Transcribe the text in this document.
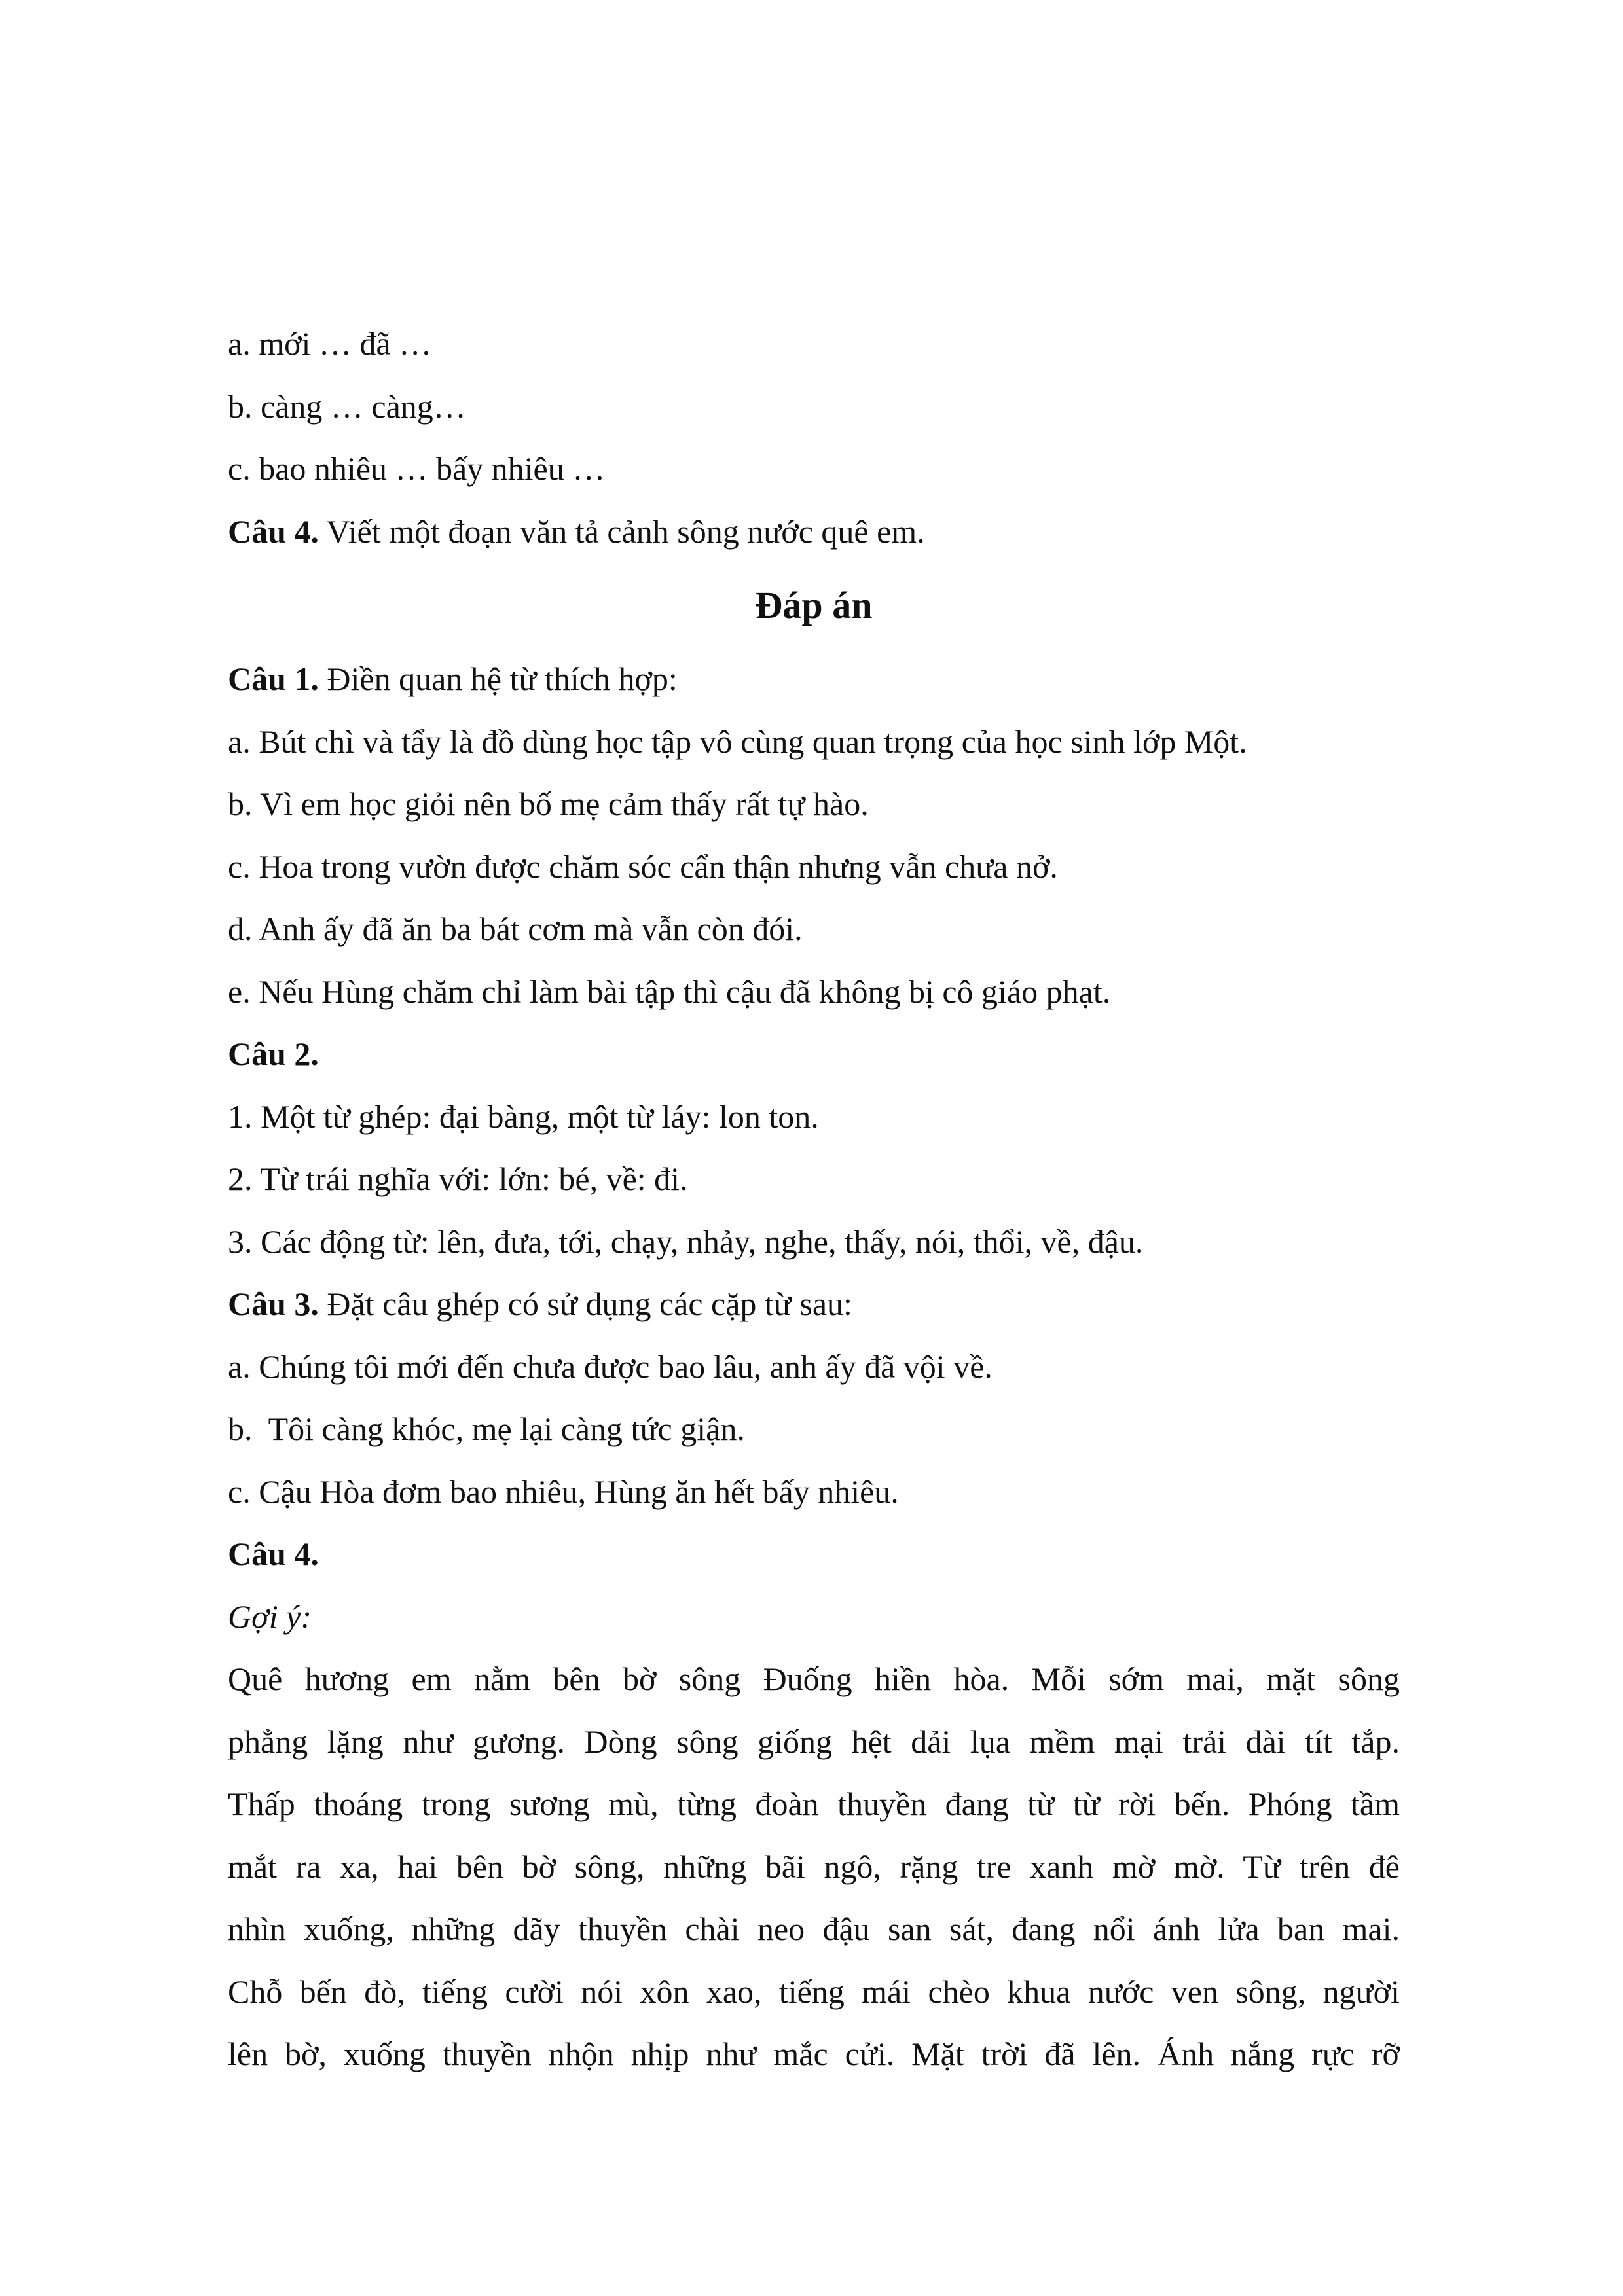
a. mới … đã …

b. càng … càng…

c. bao nhiêu … bấy nhiêu …

Câu 4. Viết một đoạn văn tả cảnh sông nước quê em.

Đáp án

Câu 1. Điền quan hệ từ thích hợp:

a. Bút chì và tẩy là đồ dùng học tập vô cùng quan trọng của học sinh lớp Một.

b. Vì em học giỏi nên bố mẹ cảm thấy rất tự hào.

c. Hoa trong vườn được chăm sóc cẩn thận nhưng vẫn chưa nở.

d. Anh ấy đã ăn ba bát cơm mà vẫn còn đói.

e. Nếu Hùng chăm chỉ làm bài tập thì cậu đã không bị cô giáo phạt.

Câu 2.

1. Một từ ghép: đại bàng, một từ láy: lon ton.

2. Từ trái nghĩa với: lớn: bé, về: đi.

3. Các động từ: lên, đưa, tới, chạy, nhảy, nghe, thấy, nói, thổi, về, đậu.

Câu 3. Đặt câu ghép có sử dụng các cặp từ sau:

a. Chúng tôi mới đến chưa được bao lâu, anh ấy đã vội về.

b.  Tôi càng khóc, mẹ lại càng tức giận.

c. Cậu Hòa đơm bao nhiêu, Hùng ăn hết bấy nhiêu.

Câu 4.

Gợi ý:

Quê hương em nằm bên bờ sông Đuống hiền hòa. Mỗi sớm mai, mặt sông
phẳng lặng như gương. Dòng sông giống hệt dải lụa mềm mại trải dài tít tắp.
Thấp thoáng trong sương mù, từng đoàn thuyền đang từ từ rời bến. Phóng tầm
mắt ra xa, hai bên bờ sông, những bãi ngô, rặng tre xanh mờ mờ. Từ trên đê
nhìn xuống, những dãy thuyền chài neo đậu san sát, đang nổi ánh lửa ban mai.
Chỗ bến đò, tiếng cười nói xôn xao, tiếng mái chèo khua nước ven sông, người
lên bờ, xuống thuyền nhộn nhịp như mắc cửi. Mặt trời đã lên. Ánh nắng rực rỡ
